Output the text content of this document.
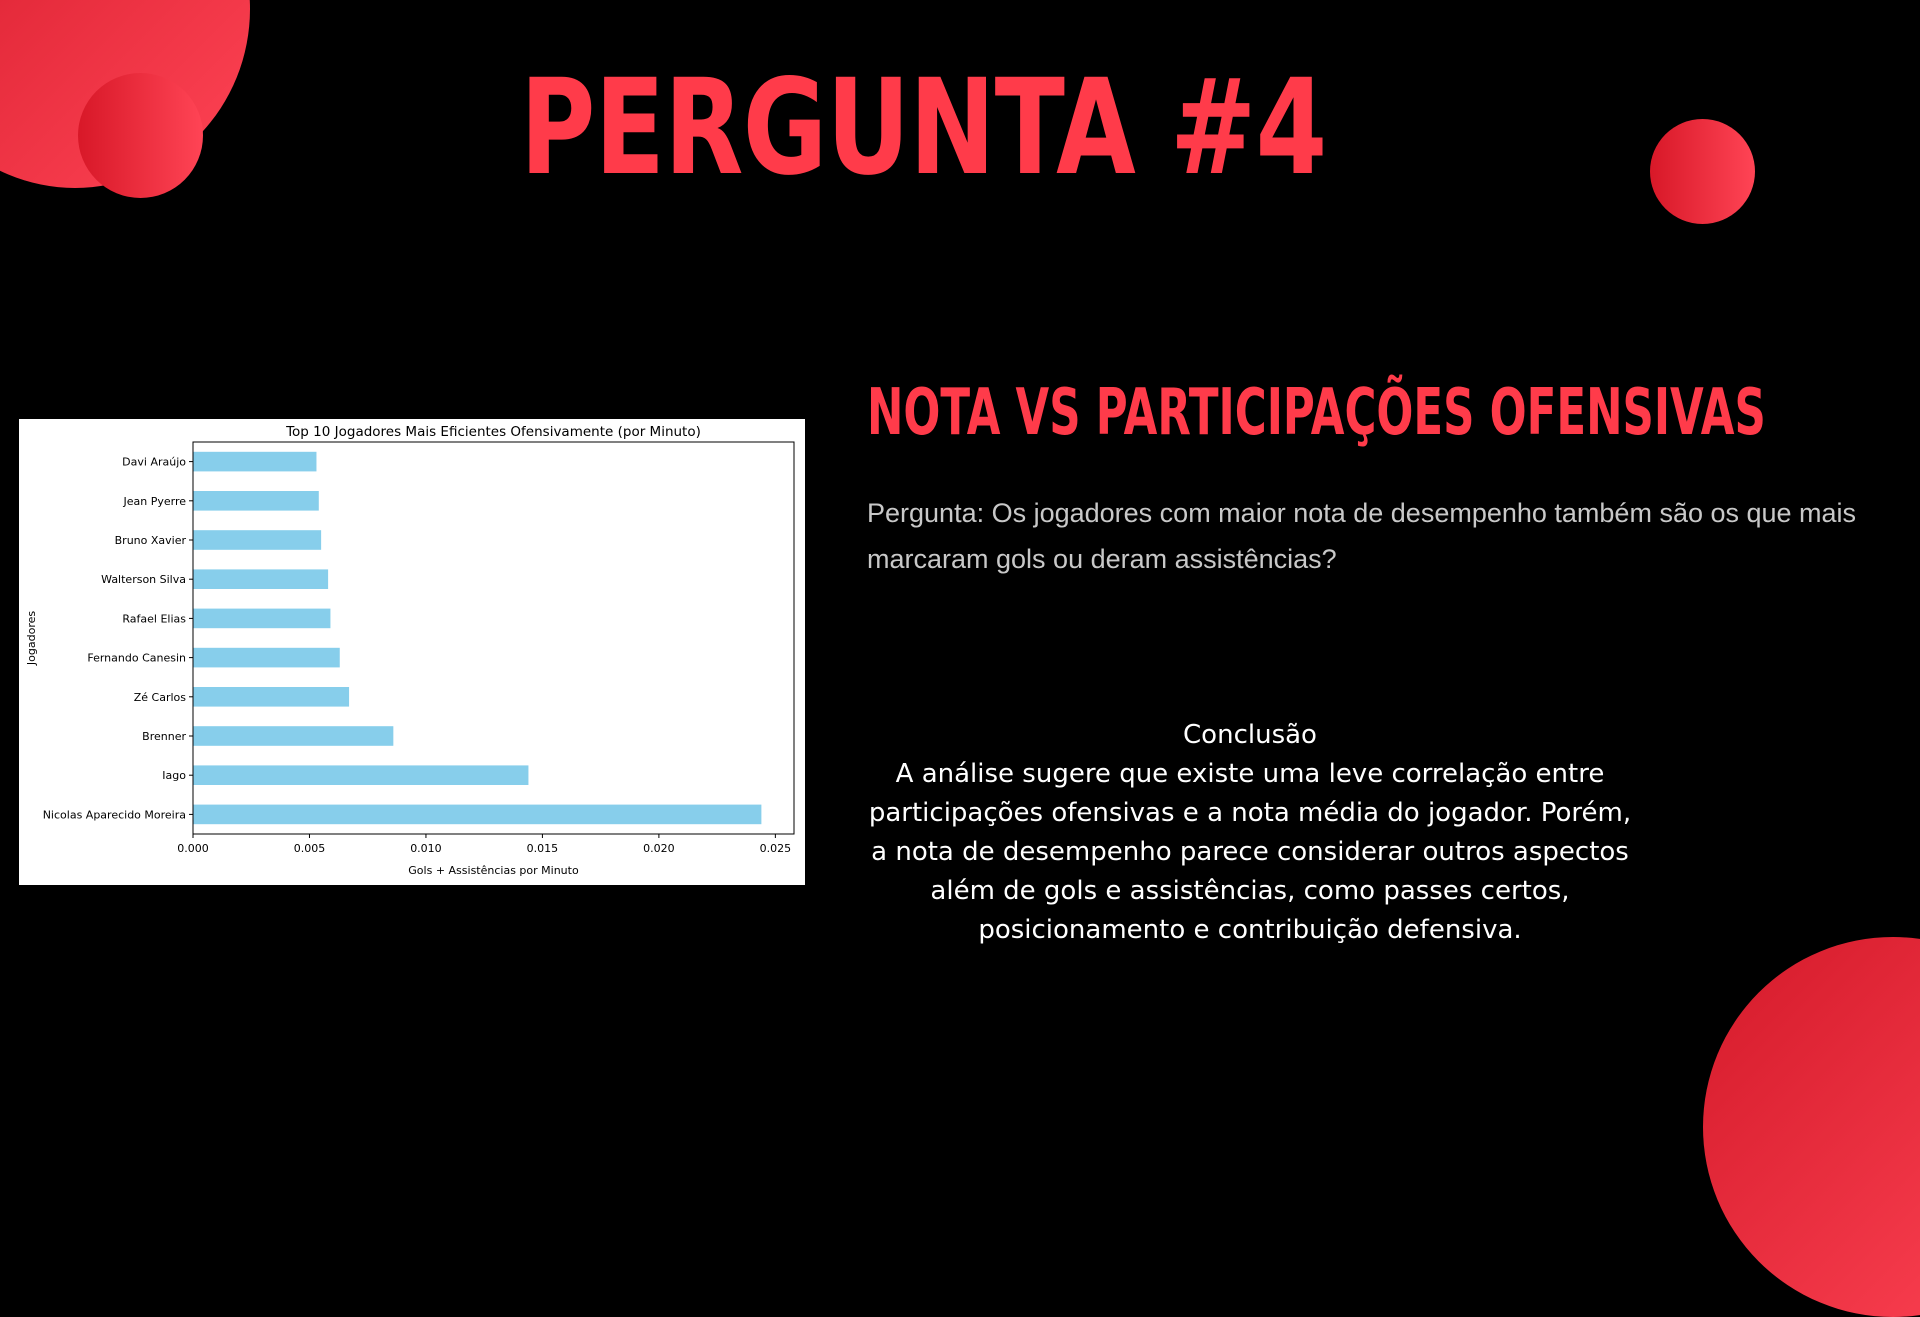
PERGUNTA #4
Top 10 Jogadores Mais Eficientes Ofensivamente (por Minuto)
Gols + Assistências por Minuto
Jogadores
Nicolas Aparecido Moreira
Iago
Brenner
Zé Carlos
Fernando Canesin
Rafael Elias
Walterson Silva
Bruno Xavier
Jean Pyerre
Davi Araújo
0.000	0.005	0.010	0.015	0.020	0.025
NOTA VS PARTICIPAÇÕES OFENSIVAS

Pergunta: Os jogadores com maior nota de desempenho também são os que mais marcaram gols ou deram assistências?

Conclusão

A análise sugere que existe uma leve correlação entre participações ofensivas e a nota média do jogador. Porém, a nota de desempenho parece considerar outros aspectos além de gols e assistências, como passes certos, posicionamento e contribuição defensiva.
